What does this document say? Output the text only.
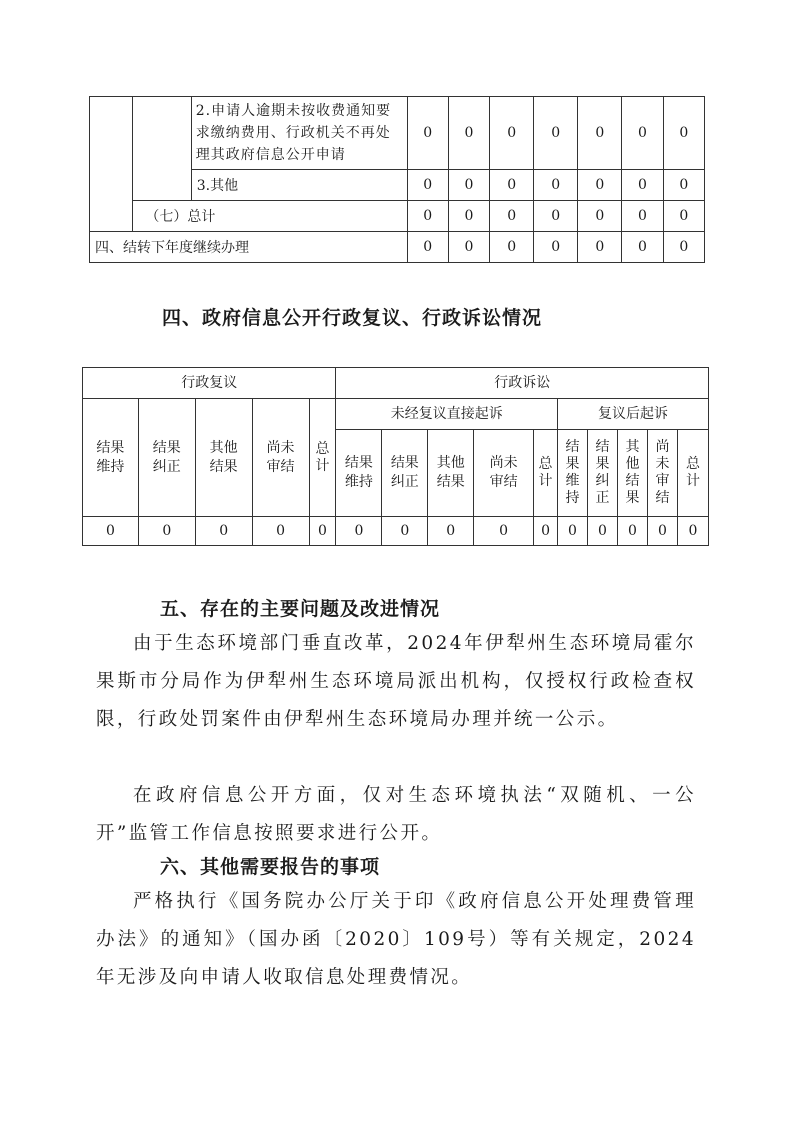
		2.申请人逾期未按收费通知要求缴纳费用、行政机关不再处理其政府信息公开申请	0	0	0	0	0	0	0
		3.其他	0	0	0	0	0	0	0
	（七）总计		0	0	0	0	0	0	0
四、结转下年度继续办理			0	0	0	0	0	0	0
四、政府信息公开行政复议、行政诉讼情况
行政复议					行政诉讼									
结果维持	结果纠正	其他结果	尚未审结	总计	未经复议直接起诉					复议后起诉				
					结果维持	结果纠正	其他结果	尚未审结	总计	结果维持	结果纠正	其他结果	尚未审结	总计
0	0	0	0	0	0	0	0	0	0	0	0	0	0	0
五、存在的主要问题及改进情况
由于生态环境部门垂直改革，2024年伊犁州生态环境局霍尔果斯市分局作为伊犁州生态环境局派出机构，仅授权行政检查权限，行政处罚案件由伊犁州生态环境局办理并统一公示。
在政府信息公开方面，仅对生态环境执法“双随机、一公开”监管工作信息按照要求进行公开。
六、其他需要报告的事项
严格执行《国务院办公厅关于印《政府信息公开处理费管理办法》的通知》（国办函〔2020〕109号）等有关规定，2024年无涉及向申请人收取信息处理费情况。
